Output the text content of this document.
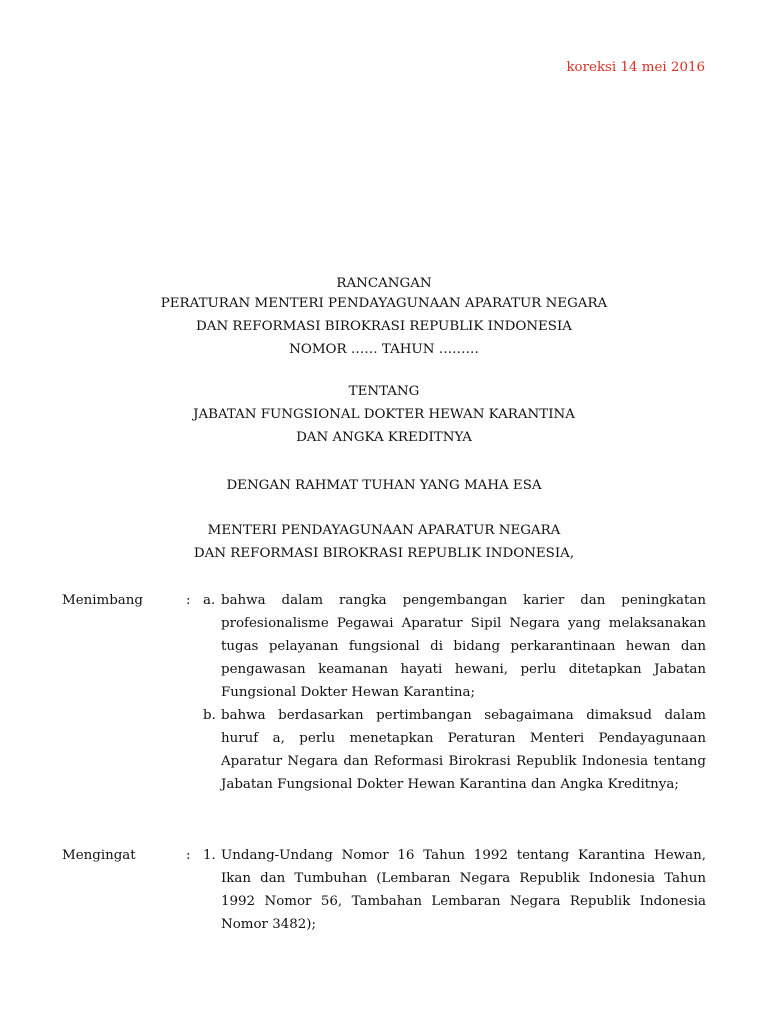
koreksi 14 mei 2016
RANCANGAN
PERATURAN MENTERI PENDAYAGUNAAN APARATUR NEGARA
DAN REFORMASI BIROKRASI REPUBLIK INDONESIA
NOMOR …… TAHUN ………
TENTANG
JABATAN FUNGSIONAL DOKTER HEWAN KARANTINA
DAN ANGKA KREDITNYA
DENGAN RAHMAT TUHAN YANG MAHA ESA
MENTERI PENDAYAGUNAAN APARATUR NEGARA
DAN REFORMASI BIROKRASI REPUBLIK INDONESIA,
Menimbang	: a. bahwa dalam rangka pengembangan karier dan peningkatan profesionalisme Pegawai Aparatur Sipil Negara yang melaksanakan tugas pelayanan fungsional di bidang perkarantinaan hewan dan pengawasan keamanan hayati hewani, perlu ditetapkan Jabatan Fungsional Dokter Hewan Karantina;
b. bahwa berdasarkan pertimbangan sebagaimana dimaksud dalam huruf a, perlu menetapkan Peraturan Menteri Pendayagunaan Aparatur Negara dan Reformasi Birokrasi Republik Indonesia tentang Jabatan Fungsional Dokter Hewan Karantina dan Angka Kreditnya;
Mengingat	: 1. Undang-Undang Nomor 16 Tahun 1992 tentang Karantina Hewan, Ikan dan Tumbuhan (Lembaran Negara Republik Indonesia Tahun 1992 Nomor 56, Tambahan Lembaran Negara Republik Indonesia Nomor 3482);
